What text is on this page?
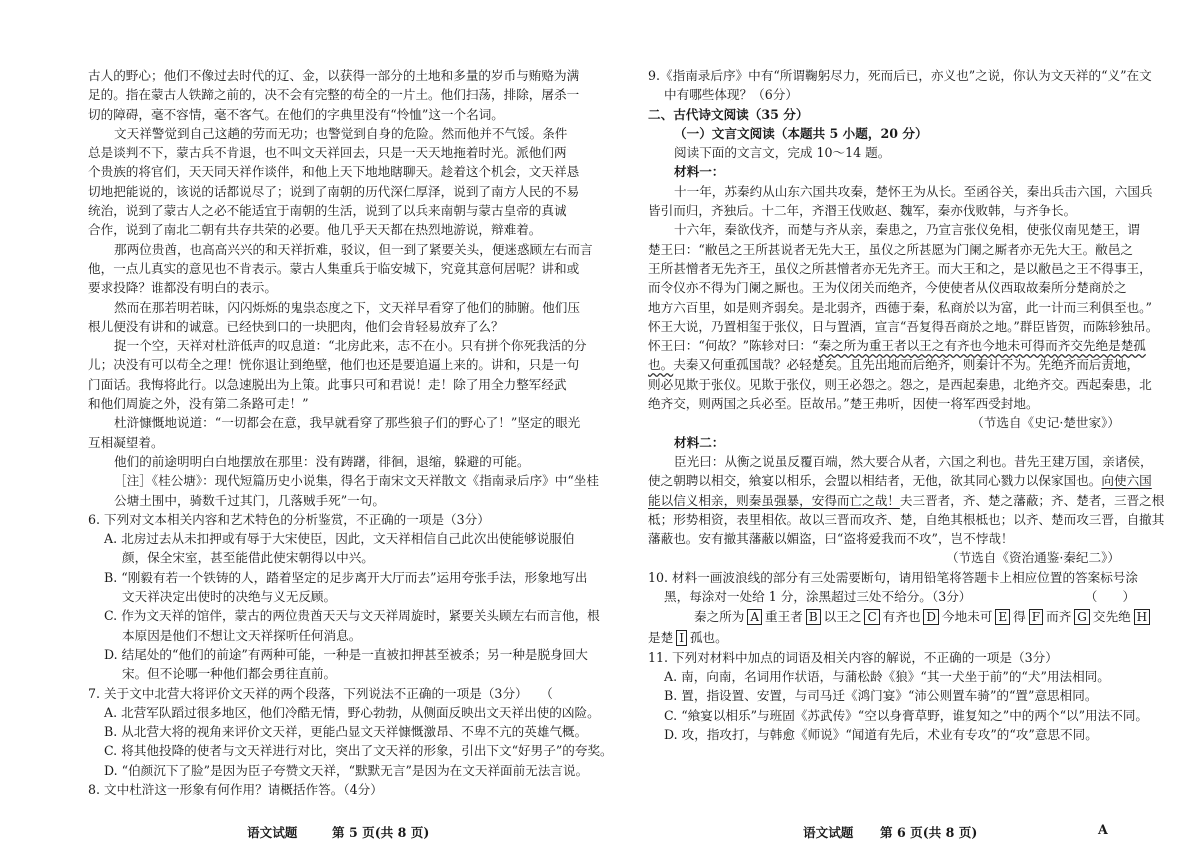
古人的野心；他们不像过去时代的辽、金，以获得一部分的土地和多量的岁币与贿赂为满
足的。指在蒙古人铁蹄之前的，决不会有完整的苟全的一片土。他们扫荡，排除，屠杀一
切的障碍，毫不容情，毫不客气。在他们的字典里没有“怜恤”这一个名词。
文天祥警觉到自己这趟的劳而无功；也警觉到自身的危险。然而他并不气馁。条件
总是谈判不下，蒙古兵不肯退，也不叫文天祥回去，只是一天天地拖着时光。派他们两
个贵族的将官们，天天同天祥作谈伴，和他上天下地地瞎聊天。趁着这个机会，文天祥恳
切地把能说的，该说的话都说尽了；说到了南朝的历代深仁厚泽，说到了南方人民的不易
统治，说到了蒙古人之必不能适宜于南朝的生活，说到了以兵来南朝与蒙古皇帝的真诚
合作，说到了南北二朝有共存共荣的必要。他几乎天天都在热烈地游说，辩难着。
那两位贵酋，也高高兴兴的和天祥折难，驳议，但一到了紧要关头，便迷惑顾左右而言
他，一点儿真实的意见也不肯表示。蒙古人集重兵于临安城下，究竟其意何居呢？讲和或
要求投降？谁都没有明白的表示。
然而在那若明若昧，闪闪烁烁的鬼祟态度之下，文天祥早看穿了他们的肺腑。他们压
根儿便没有讲和的诚意。已经快到口的一块肥肉，他们会肯轻易放弃了么？
捉一个空，天祥对杜浒低声的叹息道：“北房此来，志不在小。只有拼个你死我活的分
儿；决没有可以苟全之理！恍你退让到绝壁，他们也还是要追逼上来的。讲和，只是一句
门面话。我悔将此行。以急速脱出为上策。此事只可和君说！走！除了用全力整军经武
和他们周旋之外，没有第二条路可走！”
杜浒慷慨地说道：“一切都会在意，我早就看穿了那些狼子们的野心了！”坚定的眼光
互相凝望着。
他们的前途明明白白地摆放在那里：没有踌躇，徘徊，退缩，躲避的可能。
［注］《桂公塘》：现代短篇历史小说集，得名于南宋文天祥散文《指南录后序》中“坐桂
公塘土围中，骑数千过其门，几落贼手死”一句。
6. 下列对文本相关内容和艺术特色的分析鉴赏，不正确的一项是（3分）
A. 北房过去从未扣押或有辱于大宋使臣，因此，文天祥相信自己此次出使能够说服伯
颜，保全宋室，甚至能借此使宋朝得以中兴。
B. “刚毅有若一个铁铸的人，踏着坚定的足步离开大厅而去”运用夸张手法，形象地写出
文天祥决定出使时的决绝与义无反顾。
C. 作为文天祥的馆伴，蒙古的两位贵酋天天与文天祥周旋时，紧要关头顾左右而言他，根
本原因是他们不想让文天祥探听任何消息。
D. 结尾处的“他们的前途”有两种可能，一种是一直被扣押甚至被杀；另一种是脱身回大
宋。但不论哪一种他们都会勇往直前。
7. 关于文中北营大将评价文天祥的两个段落，下列说法不正确的一项是（3分）　　（
A. 北营军队蹈过很多地区，他们冷酷无情，野心勃勃，从侧面反映出文天祥出使的凶险。
B. 从北营大将的视角来评价文天祥，更能凸显文天祥慷慨激昂、不卑不亢的英雄气概。
C. 将其他投降的使者与文天祥进行对比，突出了文天祥的形象，引出下文“好男子”的夸奖。
D. “伯颜沉下了脸”是因为臣子夸赞文天祥，“默默无言”是因为在文天祥面前无法言说。
8. 文中杜浒这一形象有何作用？请概括作答。（4分）
9.《指南录后序》中有“所谓鞠躬尽力，死而后已，亦义也”之说，你认为文天祥的“义”在文
中有哪些体现？（6分）
二、古代诗文阅读（35 分）
（一）文言文阅读（本题共 5 小题，20 分）
阅读下面的文言文，完成 10～14 题。
材料一：
十一年，苏秦约从山东六国共攻秦，楚怀王为从长。至函谷关，秦出兵击六国，六国兵
皆引而归，齐独后。十二年，齐湣王伐败赵、魏军，秦亦伐败韩，与齐争长。
十六年，秦欲伐齐，而楚与齐从亲，秦患之，乃宣言张仪免相，使张仪南见楚王，谓
楚王曰：“敝邑之王所甚说者无先大王，虽仪之所甚愿为门阑之厮者亦无先大王。敝邑之
王所甚憎者无先齐王，虽仪之所甚憎者亦无先齐王。而大王和之，是以敝邑之王不得事王，
而令仪亦不得为门阑之厮也。王为仪闭关而绝齐，今使使者从仪西取故秦所分楚商於之
地方六百里，如是则齐弱矣。是北弱齐，西德于秦，私商於以为富，此一计而三利俱至也。”
怀王大说，乃置相玺于张仪，日与置酒，宣言“吾复得吾商於之地。”群臣皆贺，而陈轸独吊。
怀王曰：“何故？”陈轸对曰：“秦之所为重王者以王之有齐也今地未可得而齐交先绝是楚孤
也。夫秦又何重孤国哉？必轻楚矣。且先出地而后绝齐，则秦计不为。先绝齐而后责地，
则必见欺于张仪。见欺于张仪，则王必怨之。怨之，是西起秦患，北绝齐交。西起秦患，北
绝齐交，则两国之兵必至。臣故吊。”楚王弗听，因使一将军西受封地。
（节选自《史记·楚世家》）
材料二：
臣光曰：从衡之说虽反覆百端，然大要合从者，六国之利也。昔先王建万国，亲诸侯，
使之朝聘以相交，飨宴以相乐，会盟以相结者，无他，欲其同心戮力以保家国也。向使六国
能以信义相亲，则秦虽强暴，安得而亡之哉！夫三晋者，齐、楚之藩蔽；齐、楚者，三晋之根
柢；形势相资，表里相依。故以三晋而攻齐、楚，自绝其根柢也；以齐、楚而攻三晋，自撤其
藩蔽也。安有撤其藩蔽以媚盗，曰“盗将爱我而不攻”，岂不悖哉！
（节选自《资治通鉴·秦纪二》）
10. 材料一画波浪线的部分有三处需要断句，请用铅笔将答题卡上相应位置的答案标号涂
黑，每涂对一处给 1 分，涂黑超过三处不给分。（3分）　　　　　　　　　　（　　）
秦之所为 A 重王者 B 以王之 C 有齐也 D 今地未可 E 得 F 而齐 G 交先绝 H
是楚 I 孤也。
11. 下列对材料中加点的词语及相关内容的解说，不正确的一项是（3分）
A. 南，向南，名词用作状语，与蒲松龄《狼》“其一犬坐于前”的“犬”用法相同。
B. 置，指设置、安置，与司马迁《鸿门宴》“沛公则置车骑”的“置”意思相同。
C. “飨宴以相乐”与班固《苏武传》“空以身膏草野，谁复知之”中的两个“以”用法不同。
D. 攻，指攻打，与韩愈《师说》“闻道有先后，术业有专攻”的“攻”意思不同。
语文试题	第 5 页(共 8 页)	语文试题 第 6 页(共 8 页)	A
